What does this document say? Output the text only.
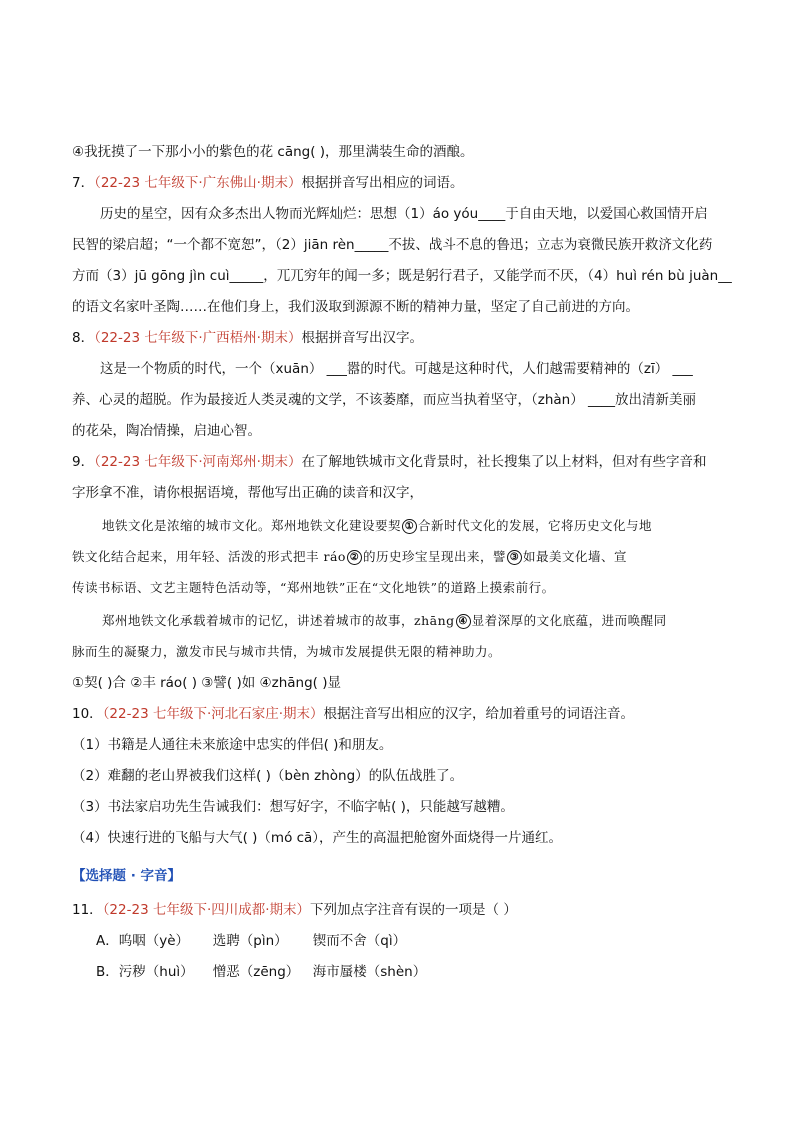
④我抚摸了一下那小小的紫色的花 cāng( )，那里满装生命的酒酿。
7．（22-23 七年级下·广东佛山·期末）根据拼音写出相应的词语。
历史的星空，因有众多杰出人物而光辉灿烂：思想（1）áo yóu____于自由天地，以爱国心救国情开启
民智的梁启超；“一个都不宽恕”，（2）jiān rèn_____不拔、战斗不息的鲁迅；立志为衰微民族开救济文化药
方而（3）jū gōng jìn cuì_____，兀兀穷年的闻一多；既是躬行君子，又能学而不厌，（4）huì rén bù juàn__
的语文名家叶圣陶……在他们身上，我们汲取到源源不断的精神力量，坚定了自己前进的方向。
8．（22-23 七年级下·广西梧州·期末）根据拼音写出汉字。
这是一个物质的时代，一个（xuān） ___嚣的时代。可越是这种时代，人们越需要精神的（zī） ___
养、心灵的超脱。作为最接近人类灵魂的文学，不该萎靡，而应当执着坚守，（zhàn） ____放出清新美丽
的花朵，陶冶情操，启迪心智。
9．（22-23 七年级下·河南郑州·期末）在了解地铁城市文化背景时，社长搜集了以上材料，但对有些字音和
字形拿不准，请你根据语境，帮他写出正确的读音和汉字，
地铁文化是浓缩的城市文化。郑州地铁文化建设要契 ① 合新时代文化的发展，它将历史文化与地
铁文化结合起来，用年轻、活泼的形式把丰 ráo ② 的历史珍宝呈现出来，譬 ③ 如最美文化墙、宣
传读书标语、文艺主题特色活动等，“郑州地铁”正在“文化地铁”的道路上摸索前行。
郑州地铁文化承载着城市的记忆，讲述着城市的故事，zhāng ④ 显着深厚的文化底蕴，进而唤醒同
脉而生的凝聚力，激发市民与城市共情，为城市发展提供无限的精神助力。
①契( )合 ②丰 ráo( ) ③譬( )如 ④zhāng( )显
10．（22-23 七年级下·河北石家庄·期末）根据注音写出相应的汉字，给加着重号的词语注音。
（1）书籍是人通往未来旅途中忠实的伴侣( )和朋友。
（2）难翻的老山界被我们这样( )（bèn zhòng）的队伍战胜了。
（3）书法家启功先生告诫我们：想写好字，不临字帖( )，只能越写越糟。
（4）快速行进的飞船与大气( )（mó cā），产生的高温把舱窗外面烧得一片通红。
【选择题 · 字音】
11．（22-23 七年级下·四川成都·期末）下列加点字注音有误的一项是（ ）
A．呜咽（yè） 选聘（pìn） 锲而不舍（qì）
B．污秽（huì） 憎恶（zēng） 海市蜃楼（shèn）
